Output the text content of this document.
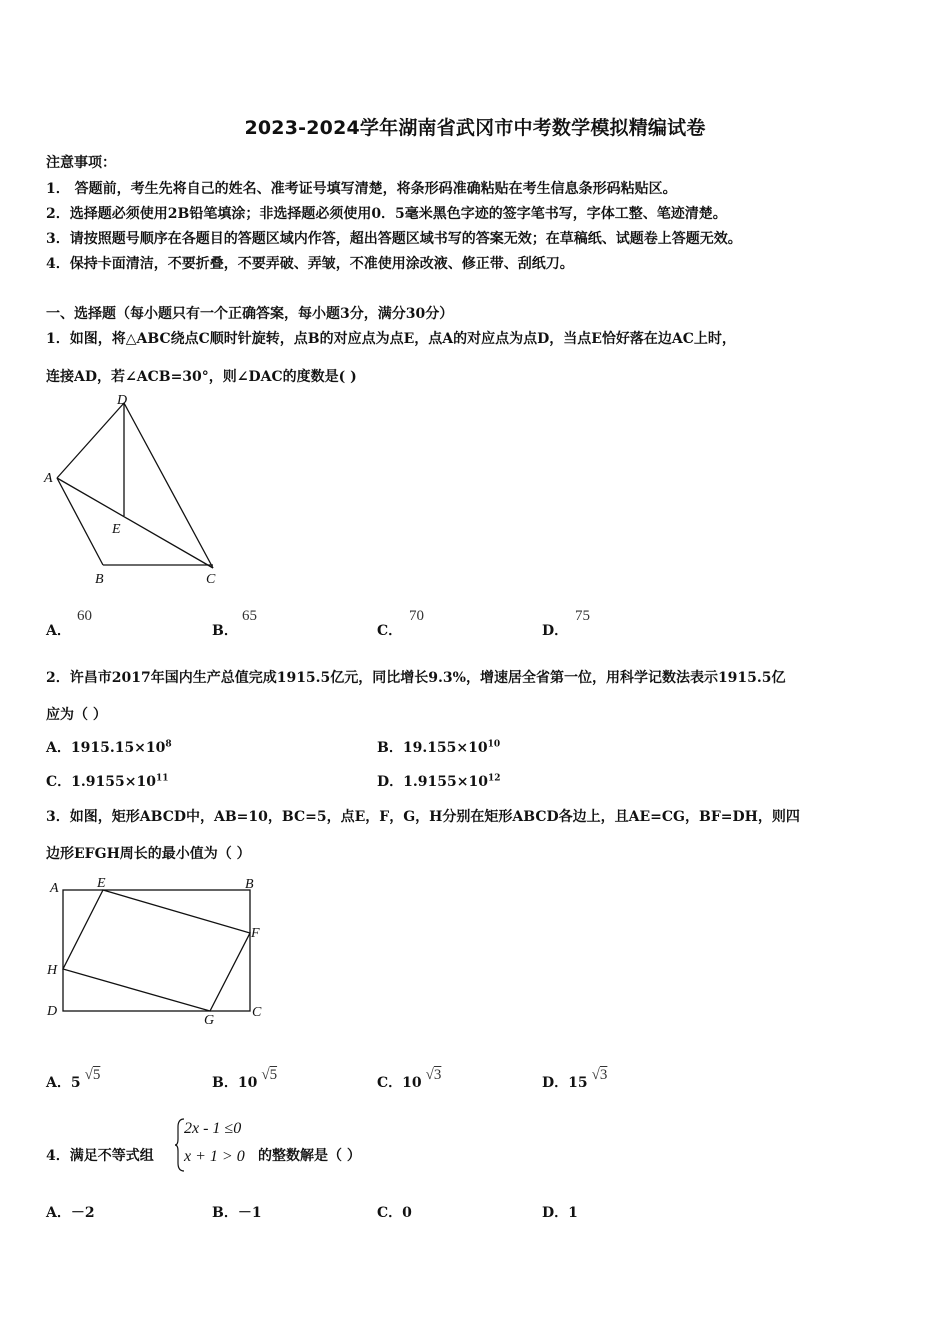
2023-2024学年湖南省武冈市中考数学模拟精编试卷
注意事项：
1． 答题前，考生先将自己的姓名、准考证号填写清楚，将条形码准确粘贴在考生信息条形码粘贴区。
2．选择题必须使用2B铅笔填涂；非选择题必须使用0．5毫米黑色字迹的签字笔书写，字体工整、笔迹清楚。
3．请按照题号顺序在各题目的答题区域内作答，超出答题区域书写的答案无效；在草稿纸、试题卷上答题无效。
4．保持卡面清洁，不要折叠，不要弄破、弄皱，不准使用涂改液、修正带、刮纸刀。
一、选择题（每小题只有一个正确答案，每小题3分，满分30分）
1．如图，将△ABC绕点C顺时针旋转，点B的对应点为点E，点A的对应点为点D，当点E恰好落在边AC上时，
连接AD，若∠ACB=30°，则∠DAC的度数是( )
D
A
E
B	C
A．
60
B．
65
C．
70
D．
75
2．许昌市2017年国内生产总值完成1915.5亿元，同比增长9.3%，增速居全省第一位，用科学记数法表示1915.5亿
应为（ ）
A．$1915.15\times 10^8$	B．$19.155\times 10^{10}$
C．$1.9155\times 10^{11}$	D．$1.9155\times 10^{12}$
3．如图，矩形ABCD中，AB=10，BC=5，点E，F，G，H分别在矩形ABCD各边上，且AE=CG，BF=DH，则四
边形EFGH周长的最小值为（ ）
A	E	B
F
H
D
G
C
A．5 √5	B．10 √5	C．10 √3	D．15 √3
4．满足不等式组
2x - 1 ≤0
x + 1 > 0 的整数解是（ ）
A．－2	B．－1	C．0	D．1
